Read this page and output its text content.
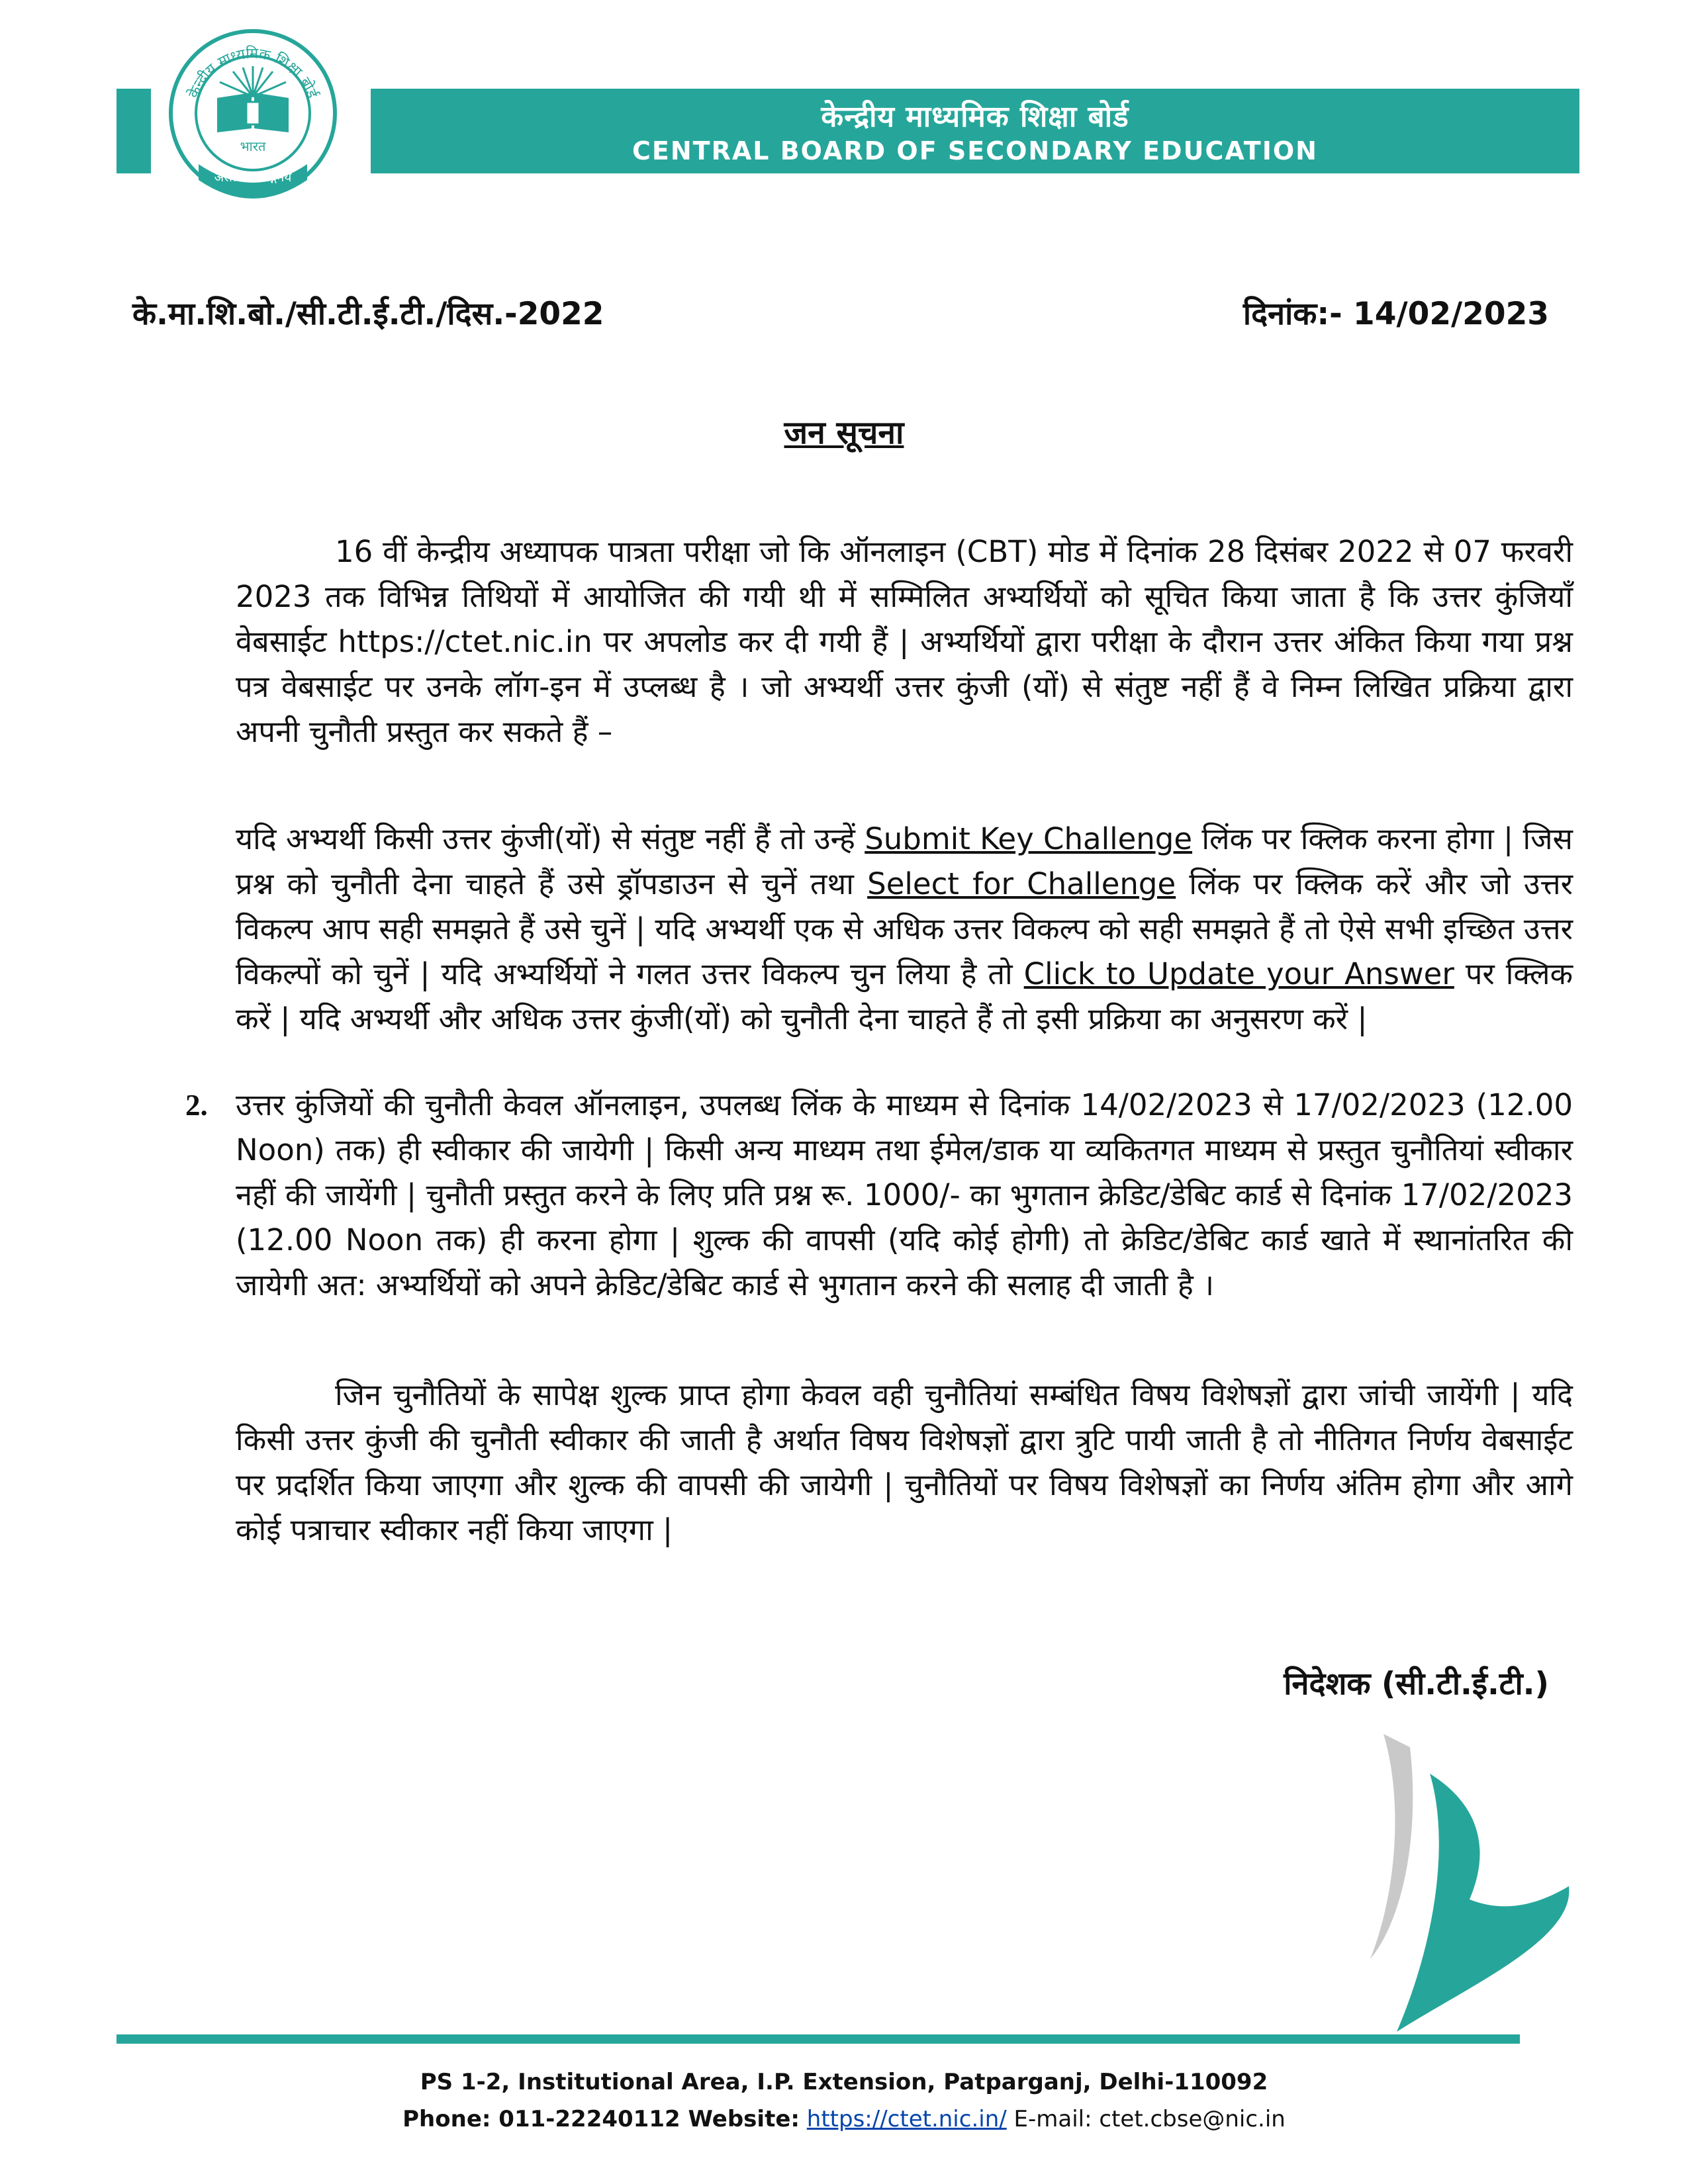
केन्द्रीय माध्यमिक शिक्षा बोर्ड
भारत
असतो मा सद्गमय
केन्द्रीय माध्यमिक शिक्षा बोर्ड
CENTRAL BOARD OF SECONDARY EDUCATION
के.मा.शि.बो./सी.टी.ई.टी./दिस.-2022	दिनांक:- 14/02/2023
जन सूचना

16 वीं केन्द्रीय अध्यापक पात्रता परीक्षा जो कि ऑनलाइन (CBT) मोड में दिनांक 28 दिसंबर 2022 से 07 फरवरी 2023 तक विभिन्न तिथियों में आयोजित की गयी थी में सम्मिलित अभ्यर्थियों को सूचित किया जाता है कि उत्तर कुंजियाँ वेबसाईट https://ctet.nic.in पर अपलोड कर दी गयी हैं | अभ्यर्थियों द्वारा परीक्षा के दौरान उत्तर अंकित किया गया प्रश्न पत्र वेबसाईट पर उनके लॉग-इन में उप्लब्ध है । जो अभ्यर्थी उत्तर कुंजी (यों) से संतुष्ट नहीं हैं वे निम्न लिखित प्रक्रिया द्वारा अपनी चुनौती प्रस्तुत कर सकते हैं –

यदि अभ्यर्थी किसी उत्तर कुंजी(यों) से संतुष्ट नहीं हैं तो उन्हें Submit Key Challenge लिंक पर क्लिक करना होगा | जिस प्रश्न को चुनौती देना चाहते हैं उसे ड्रॉपडाउन से चुनें तथा Select for Challenge लिंक पर क्लिक करें और जो उत्तर विकल्प आप सही समझते हैं उसे चुनें | यदि अभ्यर्थी एक से अधिक उत्तर विकल्प को सही समझते हैं तो ऐसे सभी इच्छित उत्तर विकल्पों को चुनें | यदि अभ्यर्थियों ने गलत उत्तर विकल्प चुन लिया है तो Click to Update your Answer पर क्लिक करें | यदि अभ्यर्थी और अधिक उत्तर कुंजी(यों) को चुनौती देना चाहते हैं तो इसी प्रक्रिया का अनुसरण करें |

2. उत्तर कुंजियों की चुनौती केवल ऑनलाइन, उपलब्ध लिंक के माध्यम से दिनांक 14/02/2023 से 17/02/2023 (12.00 Noon) तक) ही स्वीकार की जायेगी | किसी अन्य माध्यम तथा ईमेल/डाक या व्यकितगत माध्यम से प्रस्तुत चुनौतियां स्वीकार नहीं की जायेंगी | चुनौती प्रस्तुत करने के लिए प्रति प्रश्न रू. 1000/- का भुगतान क्रेडिट/डेबिट कार्ड से दिनांक 17/02/2023 (12.00 Noon तक) ही करना होगा | शुल्क की वापसी (यदि कोई होगी) तो क्रेडिट/डेबिट कार्ड खाते में स्थानांतरित की जायेगी अत: अभ्यर्थियों को अपने क्रेडिट/डेबिट कार्ड से भुगतान करने की सलाह दी जाती है ।

जिन चुनौतियों के सापेक्ष शुल्क प्राप्त होगा केवल वही चुनौतियां सम्बंधित विषय विशेषज्ञों द्वारा जांची जायेंगी | यदि किसी उत्तर कुंजी की चुनौती स्वीकार की जाती है अर्थात विषय विशेषज्ञों द्वारा त्रुटि पायी जाती है तो नीतिगत निर्णय वेबसाईट पर प्रदर्शित किया जाएगा और शुल्क की वापसी की जायेगी | चुनौतियों पर विषय विशेषज्ञों का निर्णय अंतिम होगा और आगे कोई पत्राचार स्वीकार नहीं किया जाएगा |

निदेशक (सी.टी.ई.टी.)
PS 1-2, Institutional Area, I.P. Extension, Patparganj, Delhi-110092
Phone: 011-22240112 Website: https://ctet.nic.in/ E-mail: ctet.cbse@nic.in
